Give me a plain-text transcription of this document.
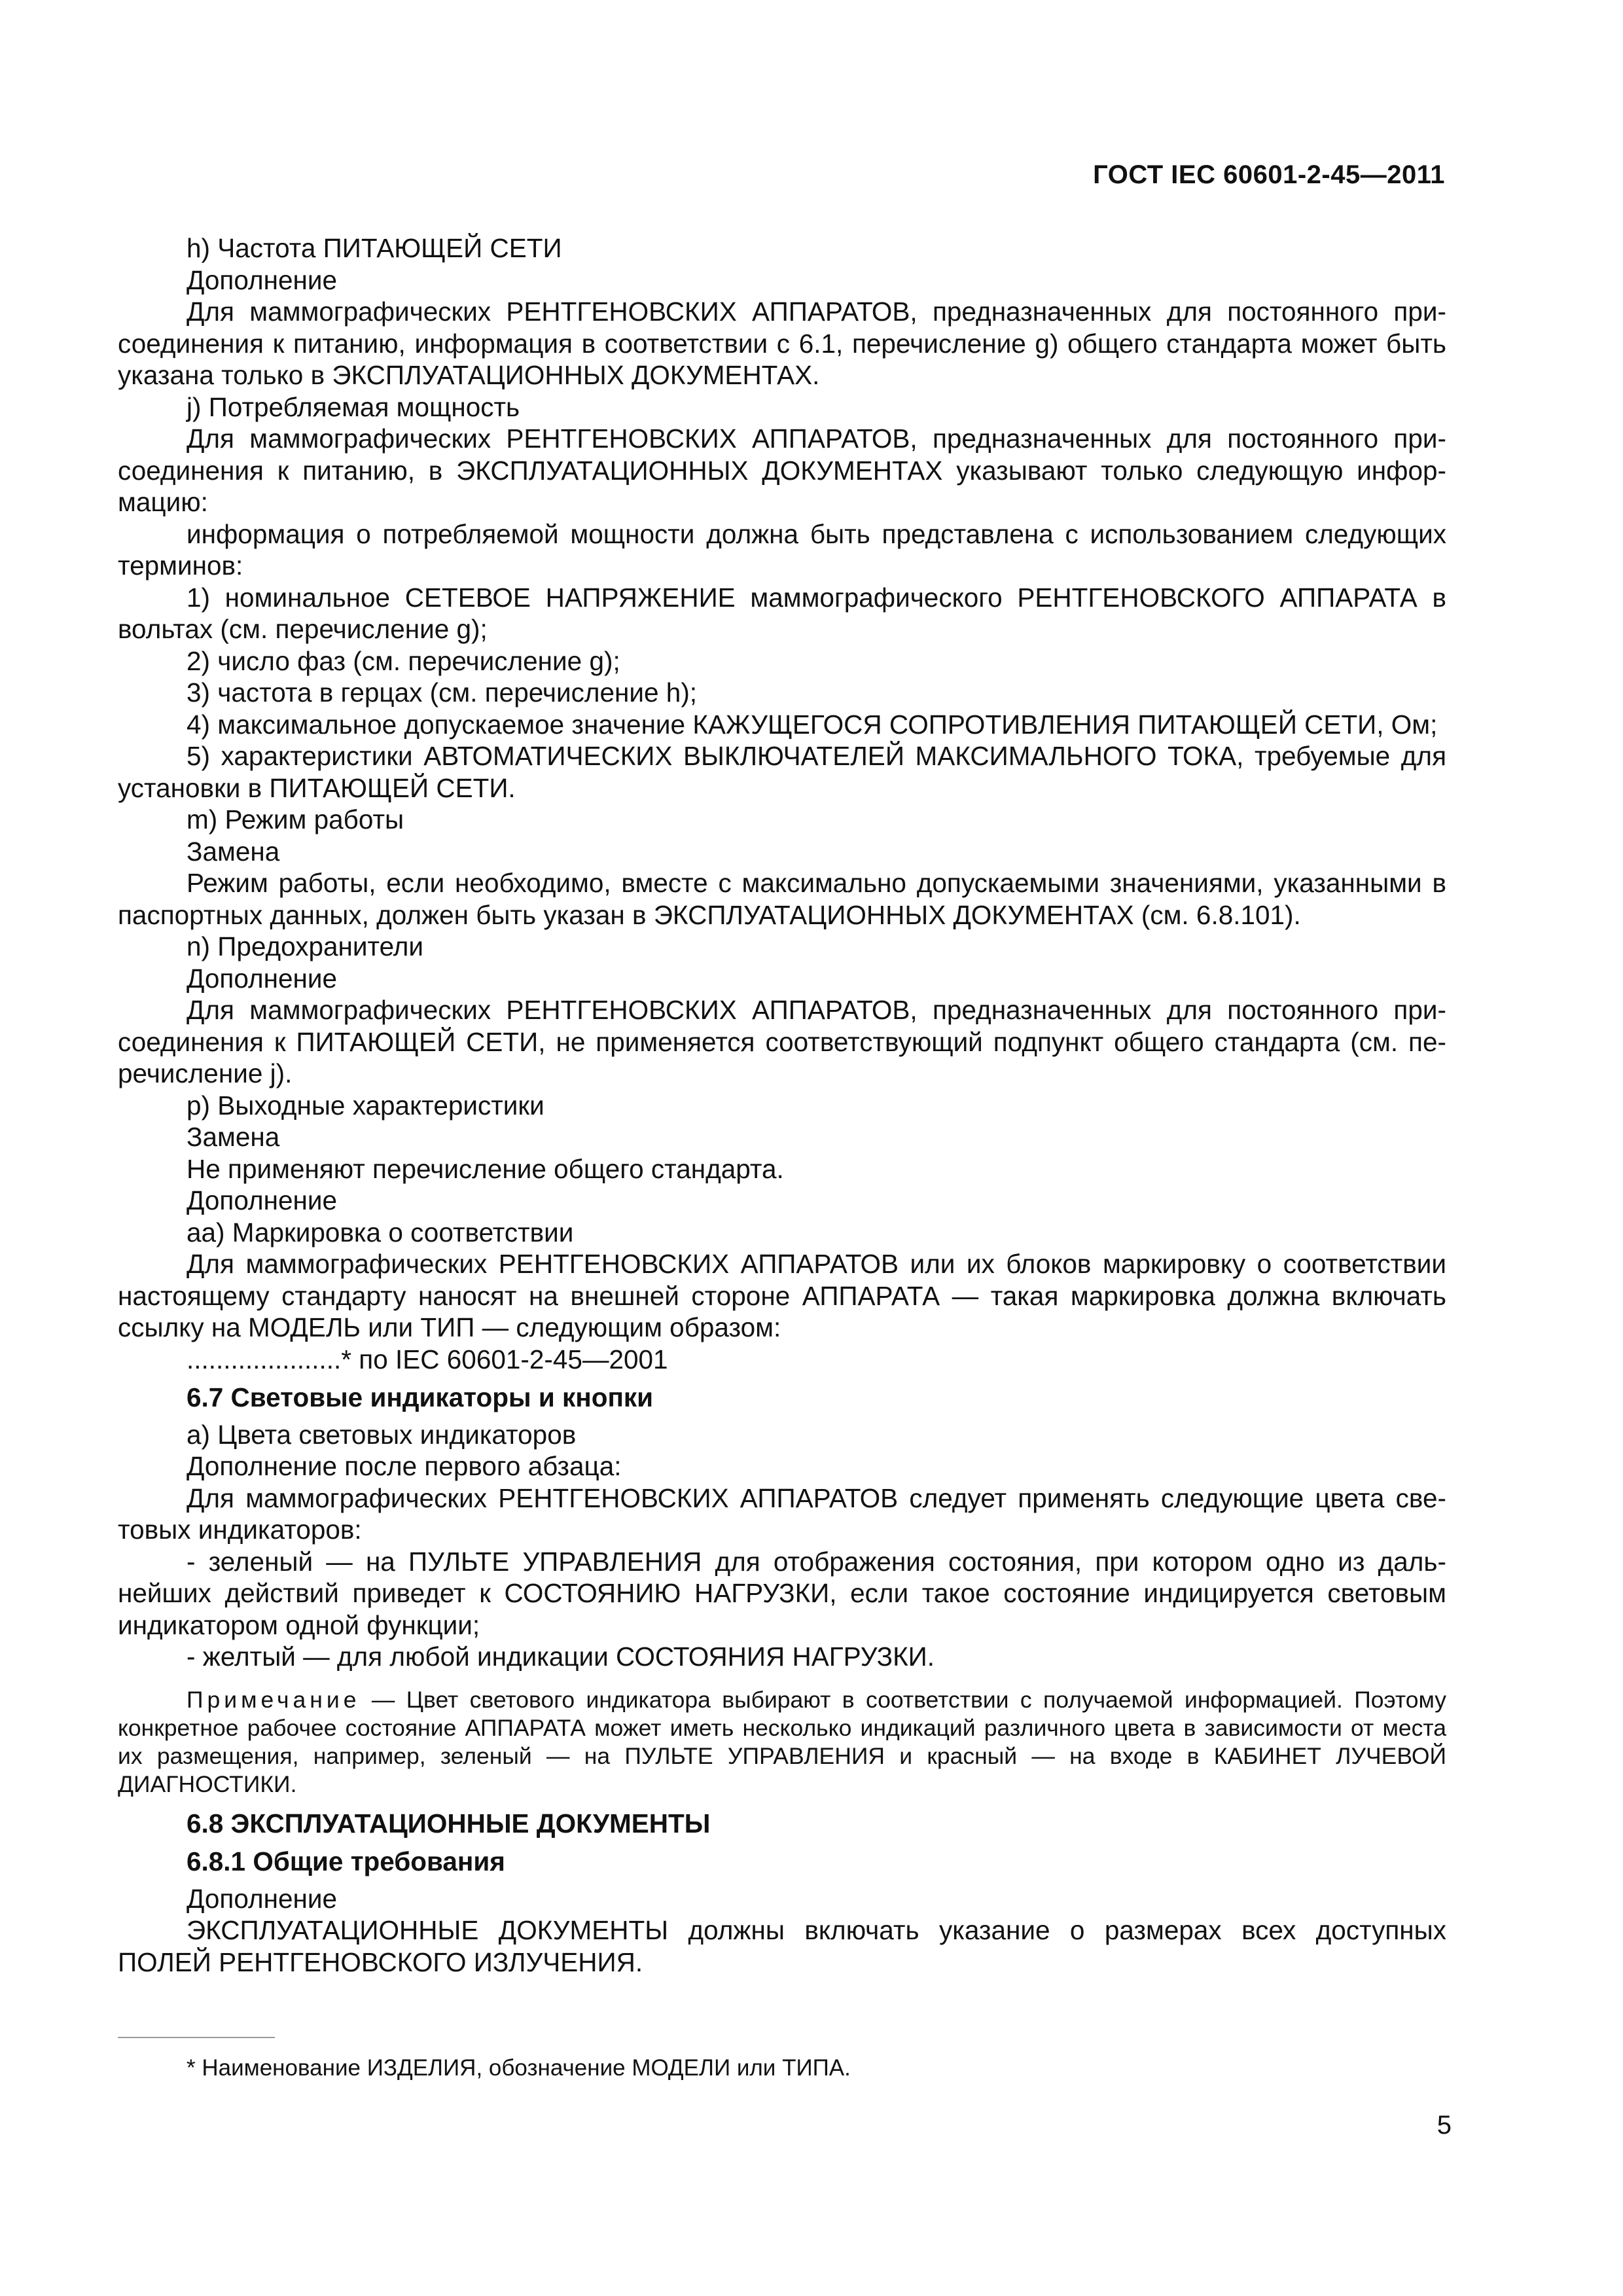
ГОСТ IEC 60601-2-45—2011

h) Частота ПИТАЮЩЕЙ СЕТИ

Дополнение

Для маммографических РЕНТГЕНОВСКИХ АППАРАТОВ, предназначенных для постоянного присоединения к питанию, информация в соответствии с 6.1, перечисление g) общего стандарта может быть указана только в ЭКСПЛУАТАЦИОННЫХ ДОКУМЕНТАХ.

j) Потребляемая мощность

Для маммографических РЕНТГЕНОВСКИХ АППАРАТОВ, предназначенных для постоянного присоединения к питанию, в ЭКСПЛУАТАЦИОННЫХ ДОКУМЕНТАХ указывают только следующую информацию:

информация о потребляемой мощности должна быть представлена с использованием следующих терминов:

1) номинальное СЕТЕВОЕ НАПРЯЖЕНИЕ маммографического РЕНТГЕНОВСКОГО АППАРАТА в вольтах (см. перечисление g);

2) число фаз (см. перечисление g);

3) частота в герцах (см. перечисление h);

4) максимальное допускаемое значение КАЖУЩЕГОСЯ СОПРОТИВЛЕНИЯ ПИТАЮЩЕЙ СЕТИ, Ом;

5) характеристики АВТОМАТИЧЕСКИХ ВЫКЛЮЧАТЕЛЕЙ МАКСИМАЛЬНОГО ТОКА, требуемые для установки в ПИТАЮЩЕЙ СЕТИ.

m) Режим работы

Замена

Режим работы, если необходимо, вместе с максимально допускаемыми значениями, указанными в паспортных данных, должен быть указан в ЭКСПЛУАТАЦИОННЫХ ДОКУМЕНТАХ (см. 6.8.101).

n) Предохранители

Дополнение

Для маммографических РЕНТГЕНОВСКИХ АППАРАТОВ, предназначенных для постоянного присоединения к ПИТАЮЩЕЙ СЕТИ, не применяется соответствующий подпункт общего стандарта (см. перечисление j).

p) Выходные характеристики

Замена

Не применяют перечисление общего стандарта.

Дополнение

aa) Маркировка о соответствии

Для маммографических РЕНТГЕНОВСКИХ АППАРАТОВ или их блоков маркировку о соответствии настоящему стандарту наносят на внешней стороне АППАРАТА — такая маркировка должна включать ссылку на МОДЕЛЬ или ТИП — следующим образом:

.....................* по IEC 60601-2-45—2001

6.7 Световые индикаторы и кнопки

a) Цвета световых индикаторов

Дополнение после первого абзаца:

Для маммографических РЕНТГЕНОВСКИХ АППАРАТОВ следует применять следующие цвета световых индикаторов:

- зеленый — на ПУЛЬТЕ УПРАВЛЕНИЯ для отображения состояния, при котором одно из дальнейших действий приведет к СОСТОЯНИЮ НАГРУЗКИ, если такое состояние индицируется световым индикатором одной функции;

- желтый — для любой индикации СОСТОЯНИЯ НАГРУЗКИ.

Примечание — Цвет светового индикатора выбирают в соответствии с получаемой информацией. Поэтому конкретное рабочее состояние АППАРАТА может иметь несколько индикаций различного цвета в зависимости от места их размещения, например, зеленый — на ПУЛЬТЕ УПРАВЛЕНИЯ и красный — на входе в КАБИНЕТ ЛУЧЕВОЙ ДИАГНОСТИКИ.

6.8 ЭКСПЛУАТАЦИОННЫЕ ДОКУМЕНТЫ

6.8.1 Общие требования

Дополнение

ЭКСПЛУАТАЦИОННЫЕ ДОКУМЕНТЫ должны включать указание о размерах всех доступных ПОЛЕЙ РЕНТГЕНОВСКОГО ИЗЛУЧЕНИЯ.

* Наименование ИЗДЕЛИЯ, обозначение МОДЕЛИ или ТИПА.
5
